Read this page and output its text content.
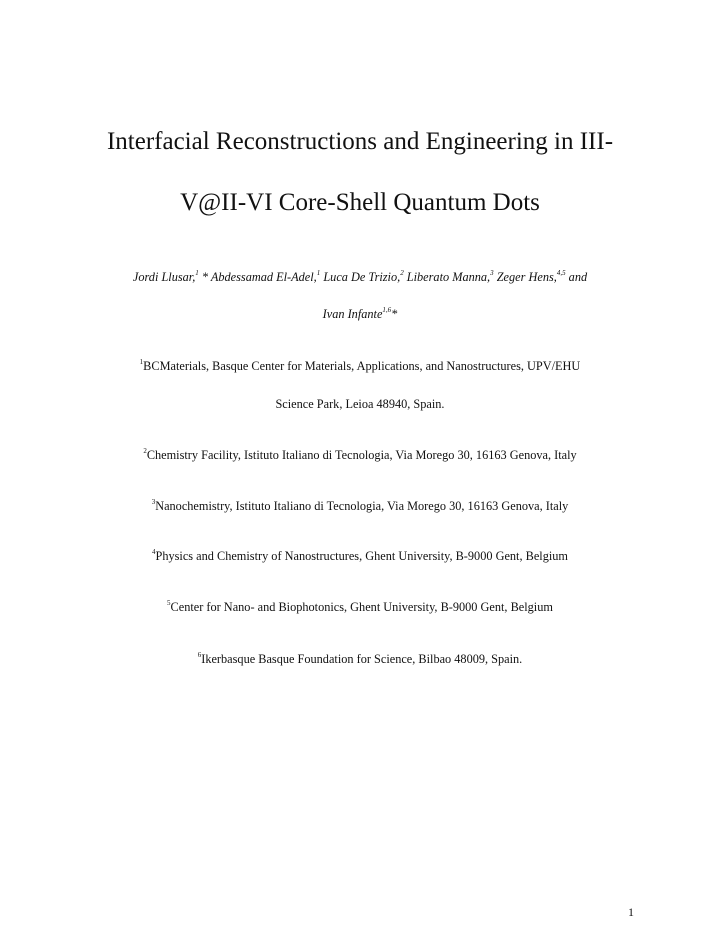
Interfacial Reconstructions and Engineering in III-
V@II-VI Core-Shell Quantum Dots
Jordi Llusar,$^1$ * Abdessamad El-Adel,$^1$ Luca De Trizio,$^2$ Liberato Manna,$^3$ Zeger Hens,$^{4,5}$ and
Ivan Infante$^{1,6}$*
$^1$BCMaterials, Basque Center for Materials, Applications, and Nanostructures, UPV/EHU
Science Park, Leioa 48940, Spain.
$^2$Chemistry Facility, Istituto Italiano di Tecnologia, Via Morego 30, 16163 Genova, Italy
$^3$Nanochemistry, Istituto Italiano di Tecnologia, Via Morego 30, 16163 Genova, Italy
$^4$Physics and Chemistry of Nanostructures, Ghent University, B-9000 Gent, Belgium
$^5$Center for Nano- and Biophotonics, Ghent University, B-9000 Gent, Belgium
$^6$Ikerbasque Basque Foundation for Science, Bilbao 48009, Spain.
1
